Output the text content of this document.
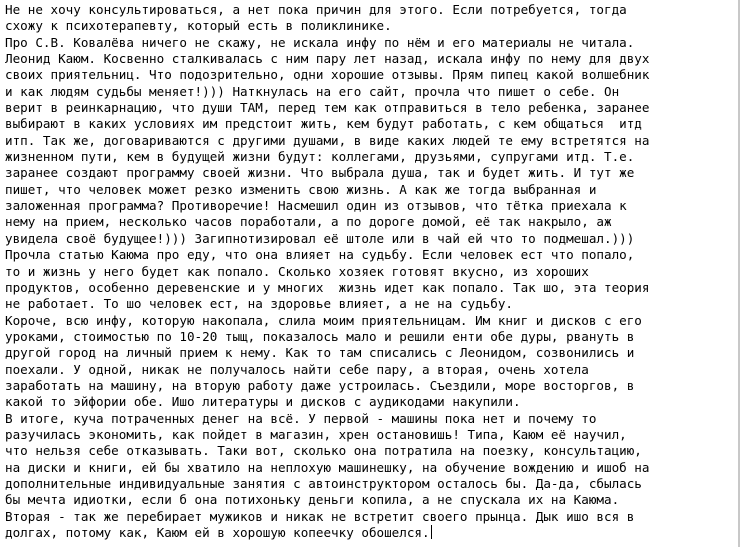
Не не хочу консультироваться, а нет пока причин для этого. Если потребуется, тогда
схожу к психотерапевту, который есть в поликлинике.
Про С.В. Ковалёва ничего не скажу, не искала инфу по нём и его материалы не читала.
Леонид Каюм. Косвенно сталкивалась с ним пару лет назад, искала инфу по нему для двух
своих приятельниц. Что подозрительно, одни хорошие отзывы. Прям пипец какой волшебник
и как людям судьбы меняет!))) Наткнулась на его сайт, прочла что пишет о себе. Он
верит в реинкарнацию, что души ТАМ, перед тем как отправиться в тело ребенка, заранее
выбирают в каких условиях им предстоит жить, кем будут работать, с кем общаться  итд
итп. Так же, договариваются с другими душами, в виде каких людей те ему встретятся на
жизненном пути, кем в будущей жизни будут: коллегами, друзьями, супругами итд. Т.е.
заранее создают программу своей жизни. Что выбрала душа, так и будет жить. И тут же
пишет, что человек может резко изменить свою жизнь. А как же тогда выбранная и
заложенная программа? Противоречие! Насмешил один из отзывов, что тётка приехала к
нему на прием, несколько часов поработали, а по дороге домой, её так накрыло, аж
увидела своё будущее!))) Загипнотизировал её штоле или в чай ей что то подмешал.)))
Прочла статью Каюма про еду, что она влияет на судьбу. Если человек ест что попало,
то и жизнь у него будет как попало. Сколько хозяек готовят вкусно, из хороших
продуктов, особенно деревенские и у многих  жизнь идет как попало. Так шо, эта теория
не работает. То шо человек ест, на здоровье влияет, а не на судьбу.
Короче, всю инфу, которую накопала, слила моим приятельницам. Им книг и дисков с его
уроками, стоимостью по 10-20 тыщ, показалось мало и решили енти обе дуры, рвануть в
другой город на личный прием к нему. Как то там списались с Леонидом, созвонились и
поехали. У одной, никак не получалось найти себе пару, а вторая, очень хотела
заработать на машину, на вторую работу даже устроилась. Съездили, море восторгов, в
какой то эйфории обе. Ишо литературы и дисков с аудикодами накупили.
В итоге, куча потраченных денег на всё. У первой - машины пока нет и почему то
разучилась экономить, как пойдет в магазин, хрен остановишь! Типа, Каюм её научил,
что нельзя себе отказывать. Таки вот, сколько она потратила на поезку, консультацию,
на диски и книги, ей бы хватило на неплохую машинешку, на обучение вождению и ишоб на
дополнительные индивидуальные занятия с автоинструктором осталось бы. Да-да, сбылась
бы мечта идиотки, если б она потихоньку деньги копила, а не спускала их на Каюма.
Вторая - так же перебирает мужиков и никак не встретит своего прынца. Дык ишо вся в
долгах, потому как, Каюм ей в хорошую копеечку обошелся.
